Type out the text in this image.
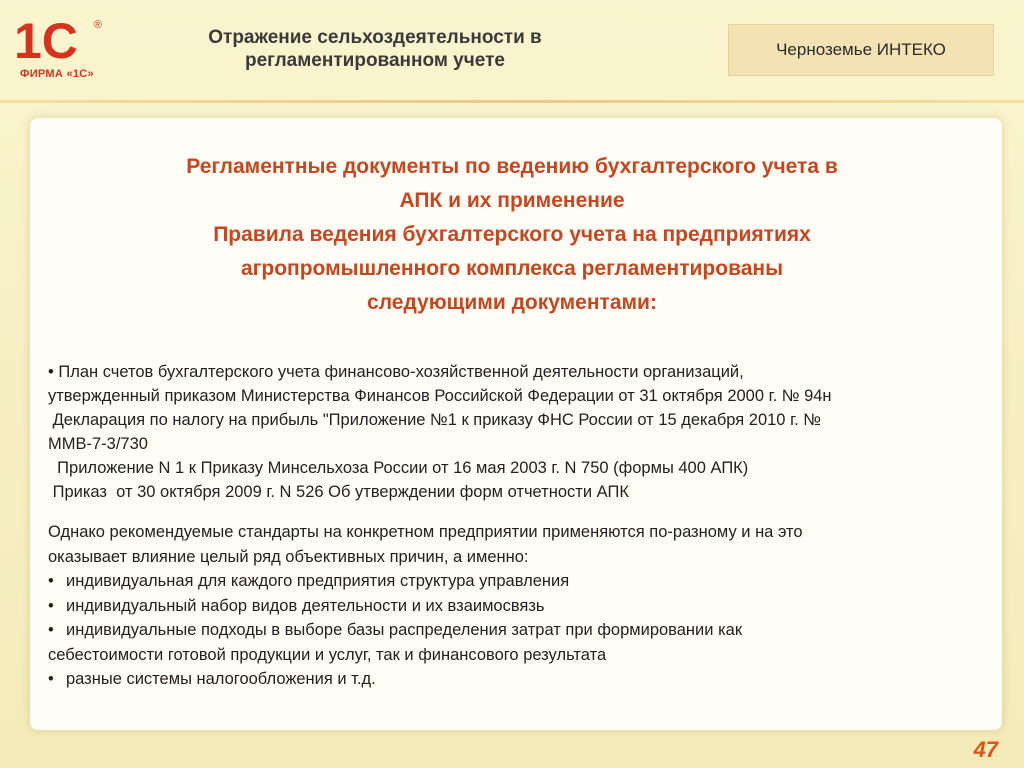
1С ®
ФИРМА «1С»
Отражение сельхоздеятельности в
регламентированном учете
Черноземье ИНТЕКО
Регламентные документы по ведению бухгалтерского учета в
АПК и их применение
Правила ведения бухгалтерского учета на предприятиях
агропромышленного комплекса регламентированы
следующими документами:

• План счетов бухгалтерского учета финансово-хозяйственной деятельности организаций,

утвержденный приказом Министерства Финансов Российской Федерации от 31 октября 2000 г. № 94н

Декларация по налогу на прибыль "Приложение №1 к приказу ФНС России от 15 декабря 2010 г. №

ММВ-7-3/730

Приложение N 1 к Приказу Минсельхоза России от 16 мая 2003 г. N 750 (формы 400 АПК)

Приказ  от 30 октября 2009 г. N 526 Об утверждении форм отчетности АПК

Однако рекомендуемые стандарты на конкретном предприятии применяются по-разному и на это

оказывает влияние целый ряд объективных причин, а именно:

• индивидуальная для каждого предприятия структура управления

• индивидуальный набор видов деятельности и их взаимосвязь

• индивидуальные подходы в выборе базы распределения затрат при формировании как

себестоимости готовой продукции и услуг, так и финансового результата

• разные системы налогообложения и т.д.

47
